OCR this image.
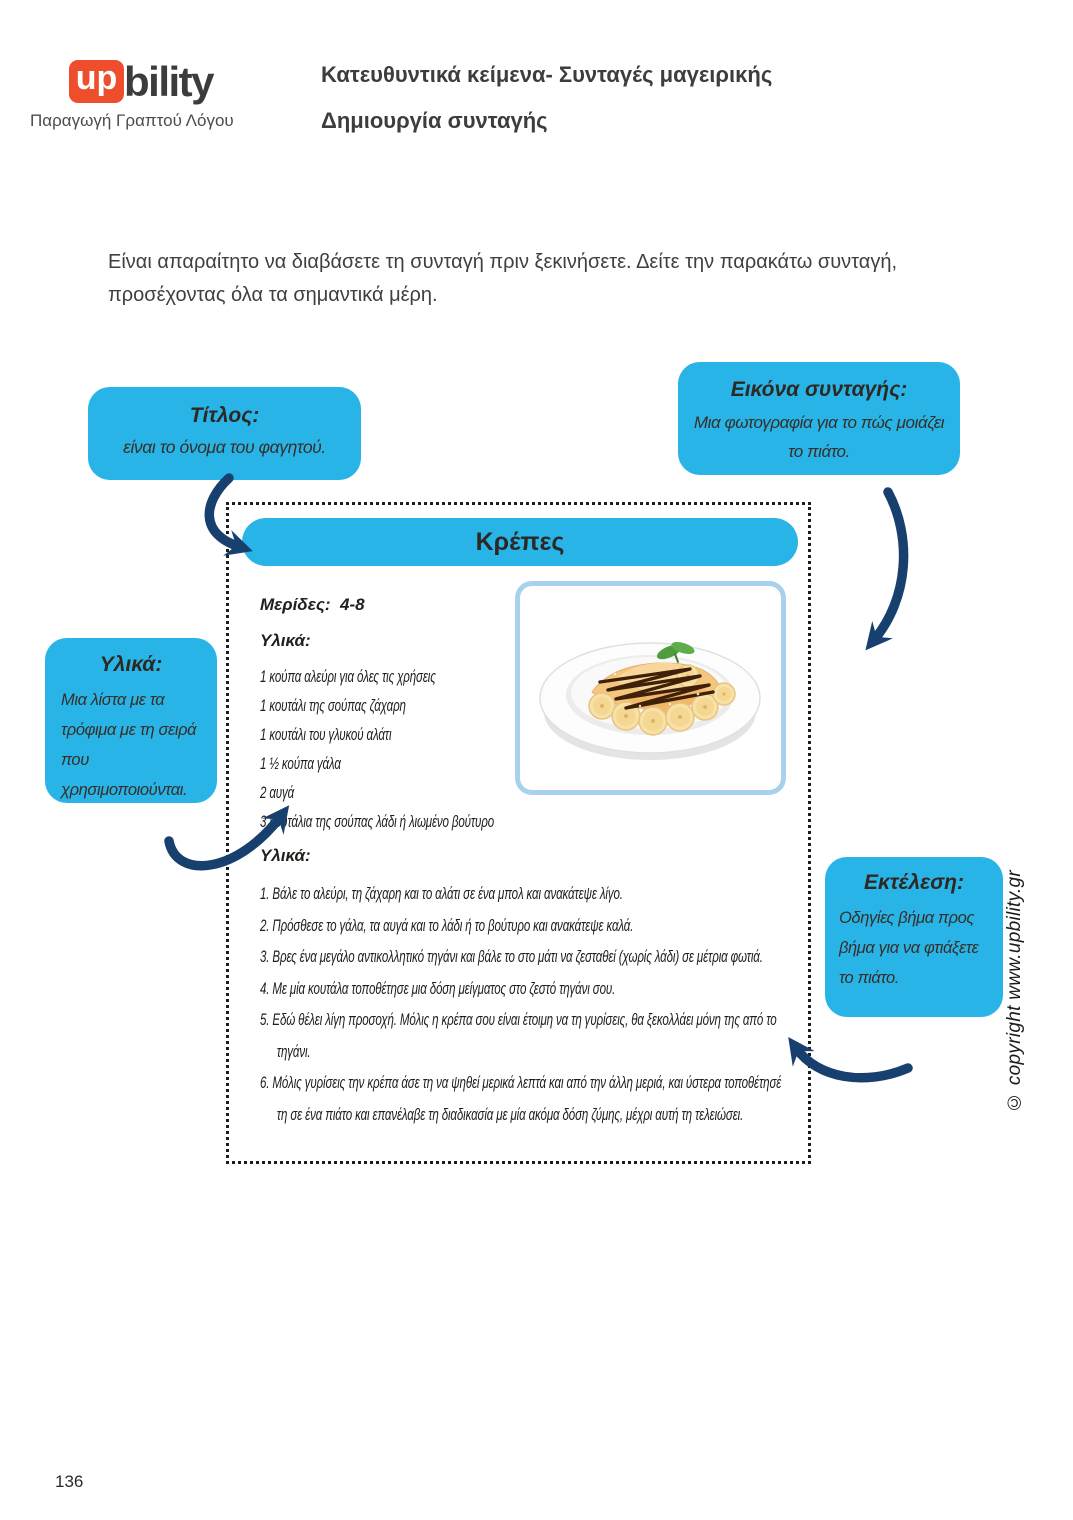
up bility
Παραγωγή Γραπτού Λόγου
Κατευθυντικά κείμενα- Συνταγές μαγειρικής
Δημιουργία συνταγής

Είναι απαραίτητο να διαβάσετε τη συνταγή πριν ξεκινήσετε. Δείτε την παρακάτω συνταγή, προσέχοντας όλα τα σημαντικά μέρη.

Τίτλος:
είναι το όνομα του φαγητού.
Εικόνα συνταγής:
Μια φωτογραφία για το πώς μοιάζει
το πιάτο.
Υλικά:
Μια λίστα με τα
τρόφιμα με τη σειρά
που χρησιμοποιούνται.
Εκτέλεση:
Οδηγίες βήμα προς
βήμα για να φτιάξετε
το πιάτο.
Κρέπες
Μερίδες: 4-8
Υλικά:
1 κούπα αλεύρι για όλες τις χρήσεις
1 κουτάλι της σούπας ζάχαρη
1 κουτάλι του γλυκού αλάτι
1 ½ κούπα γάλα
2 αυγά
3 κουτάλια της σούπας λάδι ή λιωμένο βούτυρο
Υλικά:

1. Βάλε το αλεύρι, τη ζάχαρη και το αλάτι σε ένα μπολ και ανακάτεψε λίγο.

2. Πρόσθεσε το γάλα, τα αυγά και το λάδι ή το βούτυρο και ανακάτεψε καλά.

3. Βρες ένα μεγάλο αντικολλητικό τηγάνι και βάλε το στο μάτι να ζεσταθεί (χωρίς λάδι) σε μέτρια φωτιά.

4. Με μία κουτάλα τοποθέτησε μια δόση μείγματος στο ζεστό τηγάνι σου.

5. Εδώ θέλει λίγη προσοχή. Μόλις η κρέπα σου είναι έτοιμη να τη γυρίσεις, θα ξεκολλάει μόνη της από το τηγάνι.

6. Μόλις γυρίσεις την κρέπα άσε τη να ψηθεί μερικά λεπτά και από την άλλη μεριά, και ύστερα τοποθέτησέ τη σε ένα πιάτο και επανέλαβε τη διαδικασία με μία ακόμα δόση ζύμης, μέχρι αυτή τη τελειώσει.

© copyright www.upbility.gr
136
